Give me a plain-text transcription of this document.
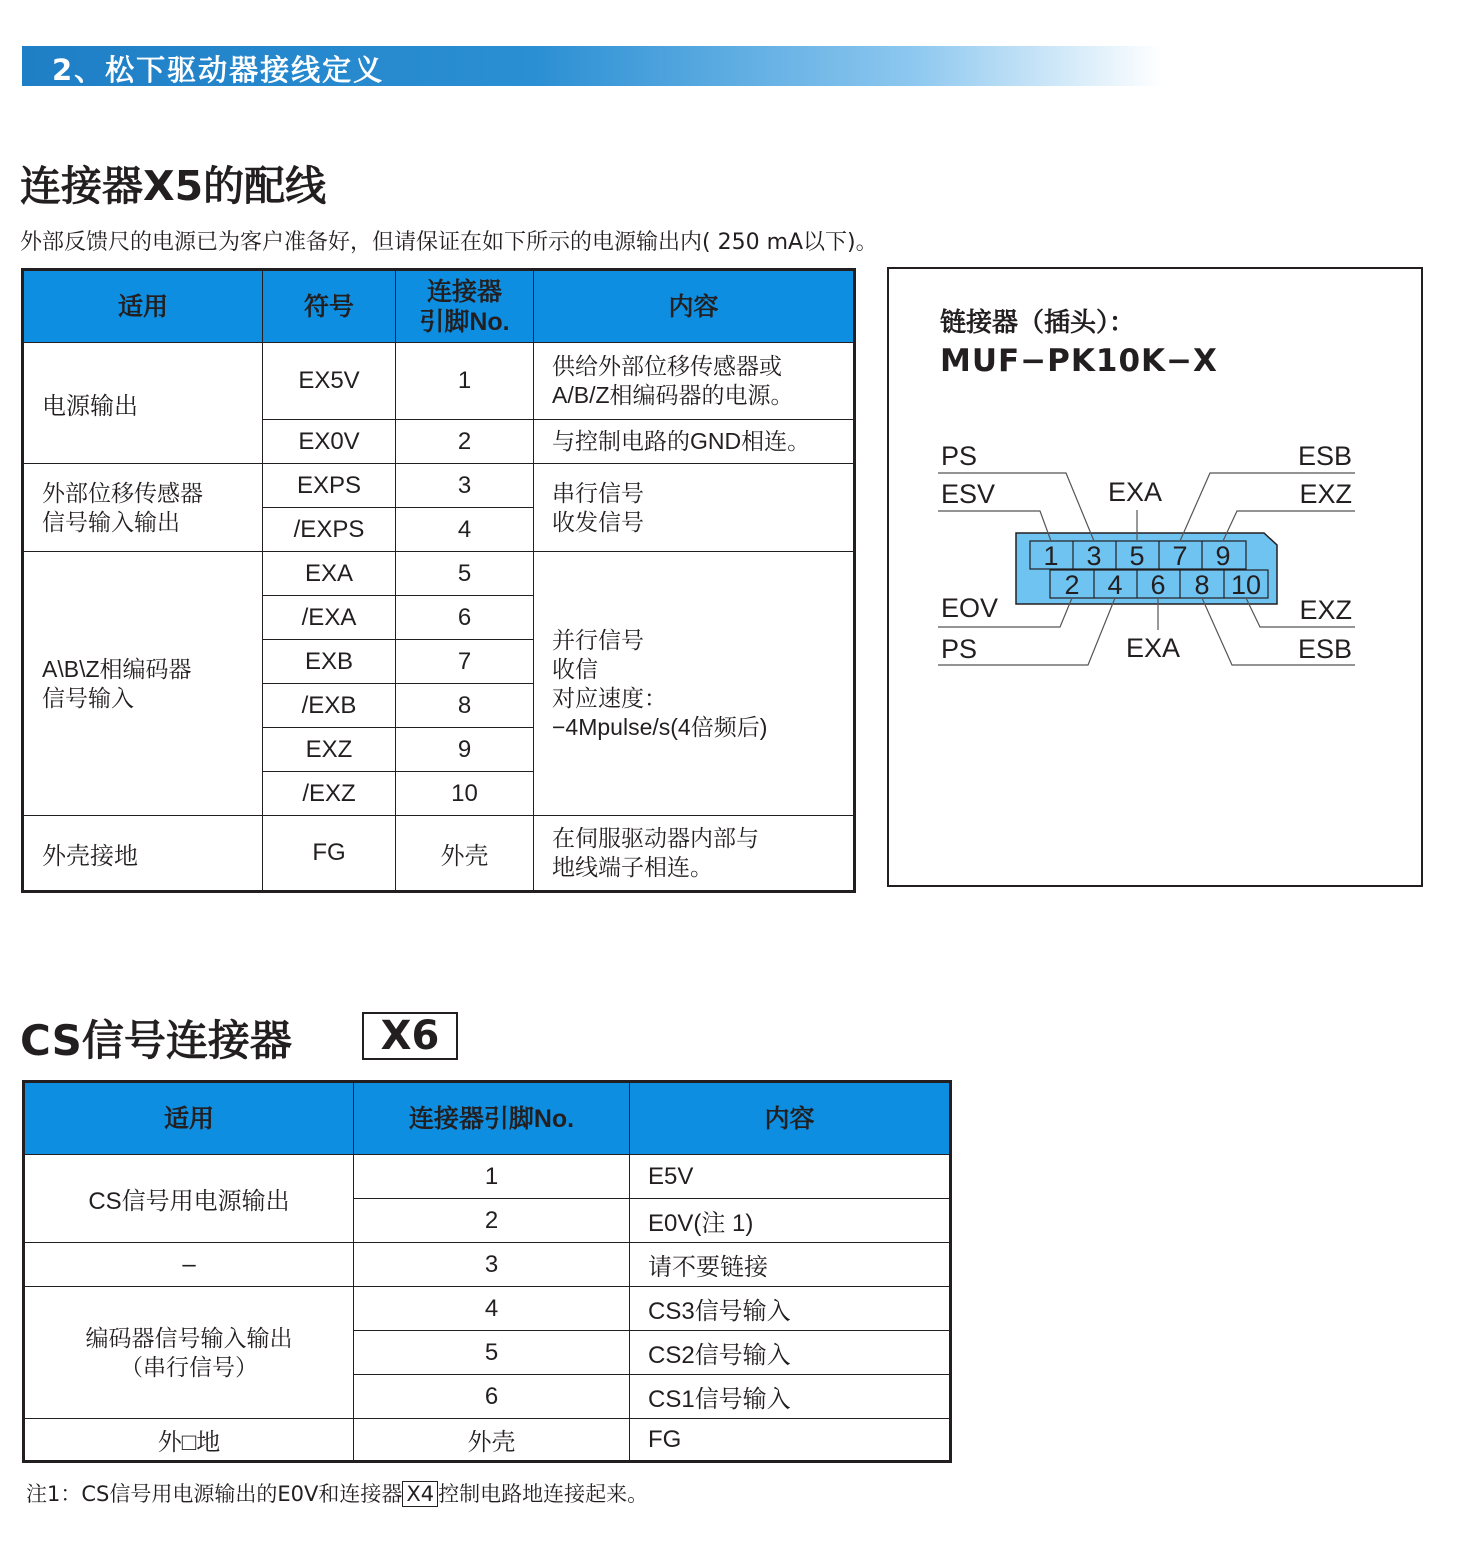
2、松下驱动器接线定义
连接器X5的配线
外部反馈尺的电源已为客户准备好，但请保证在如下所示的电源输出内( 250 mA以下)。
适用	符号	连接器
引脚No.	内容
电源输出	EX5V	1	供给外部位移传感器或
A/B/Z相编码器的电源。
	EX0V	2	与控制电路的GND相连。
外部位移传感器
信号输入输出	EXPS	3	串行信号
收发信号
	/EXPS	4	
A\B\Z相编码器
信号输入	EXA	5	并行信号
收信
对应速度：
−4Mpulse/s(4倍频后)
	/EXA	6	
	EXB	7	
	/EXB	8	
	EXZ	9	
	/EXZ	10	
外壳接地	FG	外壳	在伺服驱动器内部与
地线端子相连。
链接器（插头）：
MUF−PK10K−X
1 3 5 7 9
2 4 6 8 10
PS
ESV	EXA
ESB
EXZ
EOV
PS	EXA
EXZ
ESB
CS信号连接器	X6
适用	连接器引脚No.	内容
CS信号用电源输出	1	E5V
	2	E0V(注 1)
–	3	请不要链接
编码器信号输入输出
（串行信号）	4	CS3信号输入
	5	CS2信号输入
	6	CS1信号输入
外□地	外壳	FG
注1：CS信号用电源输出的E0V和连接器 X4 控制电路地连接起来。
